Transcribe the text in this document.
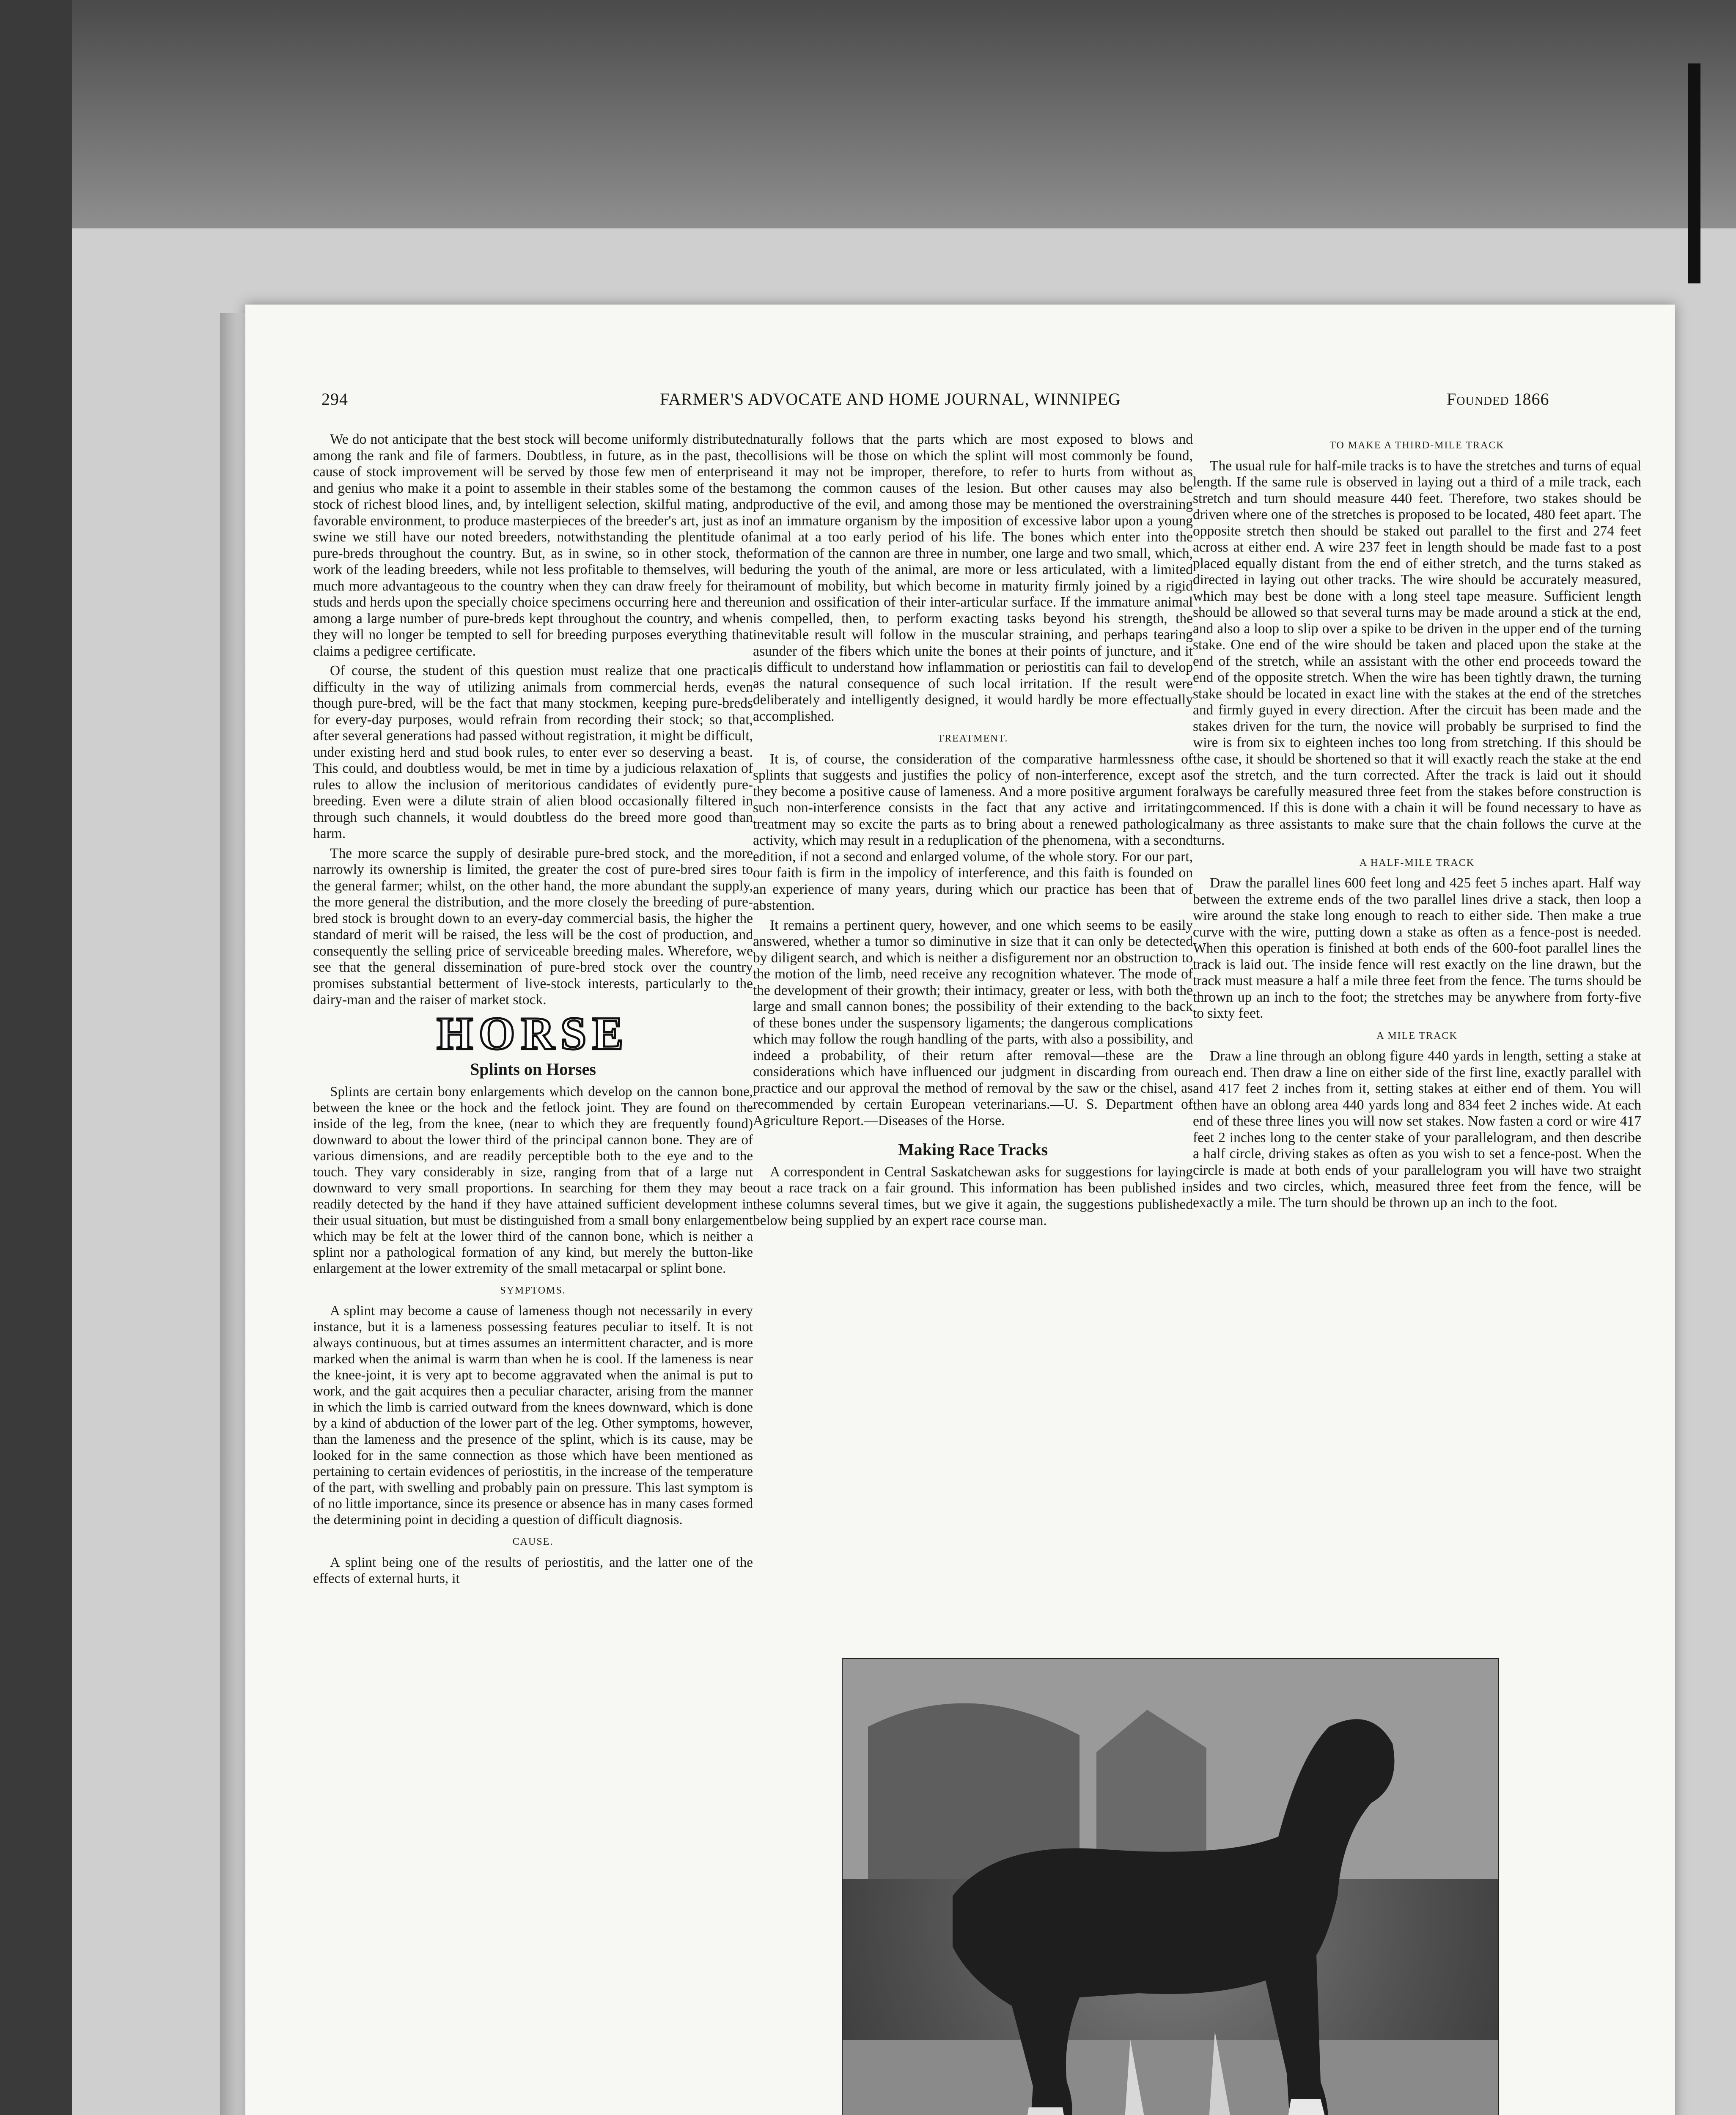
294	FARMER'S ADVOCATE AND HOME JOURNAL, WINNIPEG	Founded 1866

We do not anticipate that the best stock will become uniformly distributed among the rank and file of farmers. Doubtless, in future, as in the past, the cause of stock improvement will be served by those few men of enterprise and genius who make it a point to assemble in their stables some of the best stock of richest blood lines, and, by intelligent selection, skilful mating, and favorable environment, to produce masterpieces of the breeder's art, just as in swine we still have our noted breeders, notwithstanding the plentitude of pure-breds throughout the country. But, as in swine, so in other stock, the work of the leading breeders, while not less profitable to themselves, will be much more advantageous to the country when they can draw freely for their studs and herds upon the specially choice specimens occurring here and there among a large number of pure-breds kept throughout the country, and when they will no longer be tempted to sell for breeding purposes everything that claims a pedigree certificate.

Of course, the student of this question must realize that one practical difficulty in the way of utilizing animals from commercial herds, even though pure-bred, will be the fact that many stockmen, keeping pure-breds for every-day purposes, would refrain from recording their stock; so that, after several generations had passed without registration, it might be difficult, under existing herd and stud book rules, to enter ever so deserving a beast. This could, and doubtless would, be met in time by a judicious relaxation of rules to allow the inclusion of meritorious candidates of evidently pure-breeding. Even were a dilute strain of alien blood occasionally filtered in through such channels, it would doubtless do the breed more good than harm.

The more scarce the supply of desirable pure-bred stock, and the more narrowly its ownership is limited, the greater the cost of pure-bred sires to the general farmer; whilst, on the other hand, the more abundant the supply, the more general the distribution, and the more closely the breeding of pure-bred stock is brought down to an every-day commercial basis, the higher the standard of merit will be raised, the less will be the cost of production, and consequently the selling price of serviceable breeding males. Wherefore, we see that the general dissemination of pure-bred stock over the country promises substantial betterment of live-stock interests, particularly to the dairy-man and the raiser of market stock.

HORSE
Splints on Horses

Splints are certain bony enlargements which develop on the cannon bone, between the knee or the hock and the fetlock joint. They are found on the inside of the leg, from the knee, (near to which they are frequently found) downward to about the lower third of the principal cannon bone. They are of various dimensions, and are readily perceptible both to the eye and to the touch. They vary considerably in size, ranging from that of a large nut downward to very small proportions. In searching for them they may be readily detected by the hand if they have attained sufficient development in their usual situation, but must be distinguished from a small bony enlargement which may be felt at the lower third of the cannon bone, which is neither a splint nor a pathological formation of any kind, but merely the button-like enlargement at the lower extremity of the small metacarpal or splint bone.

SYMPTOMS.

A splint may become a cause of lameness though not necessarily in every instance, but it is a lameness possessing features peculiar to itself. It is not always continuous, but at times assumes an intermittent character, and is more marked when the animal is warm than when he is cool. If the lameness is near the knee-joint, it is very apt to become aggravated when the animal is put to work, and the gait acquires then a peculiar character, arising from the manner in which the limb is carried outward from the knees downward, which is done by a kind of abduction of the lower part of the leg. Other symptoms, however, than the lameness and the presence of the splint, which is its cause, may be looked for in the same connection as those which have been mentioned as pertaining to certain evidences of periostitis, in the increase of the temperature of the part, with swelling and probably pain on pressure. This last symptom is of no little importance, since its presence or absence has in many cases formed the determining point in deciding a question of difficult diagnosis.

CAUSE.

A splint being one of the results of periostitis, and the latter one of the effects of external hurts, it

naturally follows that the parts which are most exposed to blows and collisions will be those on which the splint will most commonly be found, and it may not be improper, therefore, to refer to hurts from without as among the common causes of the lesion. But other causes may also be productive of the evil, and among those may be mentioned the overstraining of an immature organism by the imposition of excessive labor upon a young animal at a too early period of his life. The bones which enter into the formation of the cannon are three in number, one large and two small, which, during the youth of the animal, are more or less articulated, with a limited amount of mobility, but which become in maturity firmly joined by a rigid union and ossification of their inter-articular surface. If the immature animal is compelled, then, to perform exacting tasks beyond his strength, the inevitable result will follow in the muscular straining, and perhaps tearing asunder of the fibers which unite the bones at their points of juncture, and it is difficult to understand how inflammation or periostitis can fail to develop as the natural consequence of such local irritation. If the result were deliberately and intelligently designed, it would hardly be more effectually accomplished.

TREATMENT.

It is, of course, the consideration of the comparative harmlessness of splints that suggests and justifies the policy of non-interference, except as they become a positive cause of lameness. And a more positive argument for such non-interference consists in the fact that any active and irritating treatment may so excite the parts as to bring about a renewed pathological activity, which may result in a reduplication of the phenomena, with a second edition, if not a second and enlarged volume, of the whole story. For our part, our faith is firm in the impolicy of interference, and this faith is founded on an experience of many years, during which our practice has been that of abstention.

It remains a pertinent query, however, and one which seems to be easily answered, whether a tumor so diminutive in size that it can only be detected by diligent search, and which is neither a disfigurement nor an obstruction to the motion of the limb, need receive any recognition whatever. The mode of the development of their growth; their intimacy, greater or less, with both the large and small cannon bones; the possibility of their extending to the back of these bones under the suspensory ligaments; the dangerous complications which may follow the rough handling of the parts, with also a possibility, and indeed a probability, of their return after removal—these are the considerations which have influenced our judgment in discarding from our practice and our approval the method of removal by the saw or the chisel, as recommended by certain European veterinarians.—U. S. Department of Agriculture Report.—Diseases of the Horse.

Making Race Tracks

A correspondent in Central Saskatchewan asks for suggestions for laying out a race track on a fair ground. This information has been published in these columns several times, but we give it again, the suggestions published below being supplied by an expert race course man.

TO MAKE A THIRD-MILE TRACK

The usual rule for half-mile tracks is to have the stretches and turns of equal length. If the same rule is observed in laying out a third of a mile track, each stretch and turn should measure 440 feet. Therefore, two stakes should be driven where one of the stretches is proposed to be located, 480 feet apart. The opposite stretch then should be staked out parallel to the first and 274 feet across at either end. A wire 237 feet in length should be made fast to a post placed equally distant from the end of either stretch, and the turns staked as directed in laying out other tracks. The wire should be accurately measured, which may best be done with a long steel tape measure. Sufficient length should be allowed so that several turns may be made around a stick at the end, and also a loop to slip over a spike to be driven in the upper end of the turning stake. One end of the wire should be taken and placed upon the stake at the end of the stretch, while an assistant with the other end proceeds toward the end of the opposite stretch. When the wire has been tightly drawn, the turning stake should be located in exact line with the stakes at the end of the stretches and firmly guyed in every direction. After the circuit has been made and the stakes driven for the turn, the novice will probably be surprised to find the wire is from six to eighteen inches too long from stretching. If this should be the case, it should be shortened so that it will exactly reach the stake at the end of the stretch, and the turn corrected. After the track is laid out it should always be carefully measured three feet from the stakes before construction is commenced. If this is done with a chain it will be found necessary to have as many as three assistants to make sure that the chain follows the curve at the turns.

A HALF-MILE TRACK

Draw the parallel lines 600 feet long and 425 feet 5 inches apart. Half way between the extreme ends of the two parallel lines drive a stack, then loop a wire around the stake long enough to reach to either side. Then make a true curve with the wire, putting down a stake as often as a fence-post is needed. When this operation is finished at both ends of the 600-foot parallel lines the track is laid out. The inside fence will rest exactly on the line drawn, but the track must measure a half a mile three feet from the fence. The turns should be thrown up an inch to the foot; the stretches may be anywhere from forty-five to sixty feet.

A MILE TRACK

Draw a line through an oblong figure 440 yards in length, setting a stake at each end. Then draw a line on either side of the first line, exactly parallel with and 417 feet 2 inches from it, setting stakes at either end of them. You will then have an oblong area 440 yards long and 834 feet 2 inches wide. At each end of these three lines you will now set stakes. Now fasten a cord or wire 417 feet 2 inches long to the center stake of your parallelogram, and then describe a half circle, driving stakes as often as you wish to set a fence-post. When the circle is made at both ends of your parallelogram you will have two straight sides and two circles, which, measured three feet from the fence, will be exactly a mile. The turn should be thrown up an inch to the foot.
